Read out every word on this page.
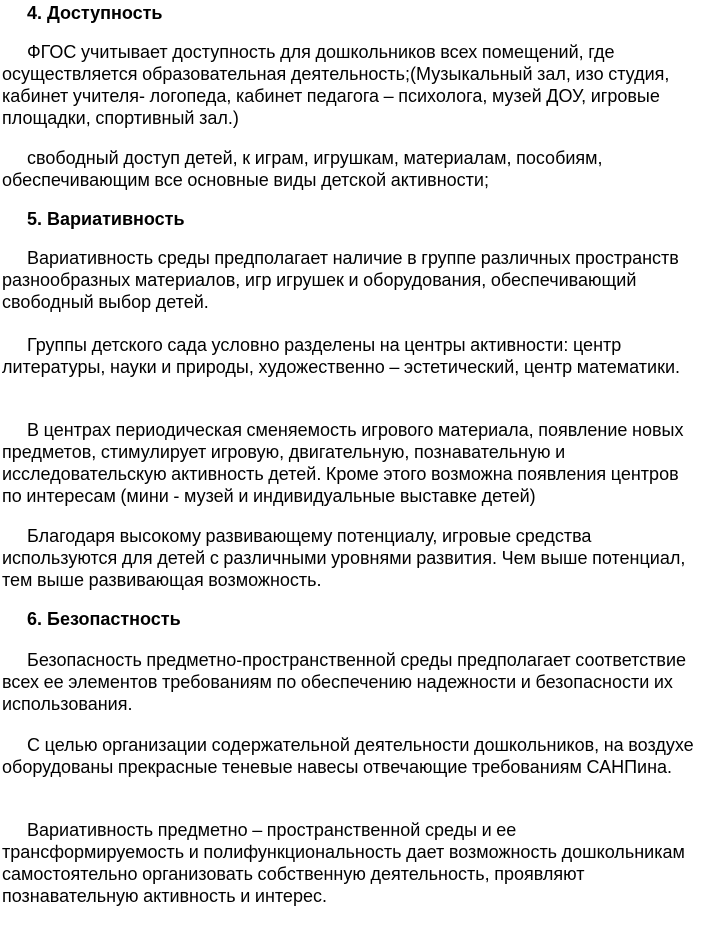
4. Доступность

ФГОС учитывает доступность для дошкольников всех помещений, где осуществляется образовательная деятельность;(Музыкальный зал, изо студия, кабинет учителя- логопеда, кабинет педагога – психолога, музей ДОУ, игровые площадки, спортивный зал.)

свободный доступ детей, к играм, игрушкам, материалам, пособиям, обеспечивающим все основные виды детской активности;

5. Вариативность

Вариативность среды предполагает наличие в группе различных пространств разнообразных материалов, игр игрушек и оборудования, обеспечивающий свободный выбор детей.

Группы детского сада условно разделены на центры активности: центр литературы, науки и природы, художественно – эстетический, центр математики.

В центрах периодическая сменяемость игрового материала, появление новых предметов, стимулирует игровую, двигательную, познавательную и исследовательскую активность детей. Кроме этого возможна появления центров по интересам (мини - музей и индивидуальные выставке детей)

Благодаря высокому развивающему потенциалу, игровые средства используются для детей с различными уровнями развития. Чем выше потенциал, тем выше развивающая возможность.

6. Безопастность

Безопасность предметно-пространственной среды предполагает соответствие всех ее элементов требованиям по обеспечению надежности и безопасности их использования.

С целью организации содержательной деятельности дошкольников, на воздухе оборудованы прекрасные теневые навесы отвечающие требованиям САНПина.

Вариативность предметно – пространственной среды и ее трансформируемость и полифункциональность дает возможность дошкольникам самостоятельно организовать собственную деятельность, проявляют познавательную активность и интерес.
